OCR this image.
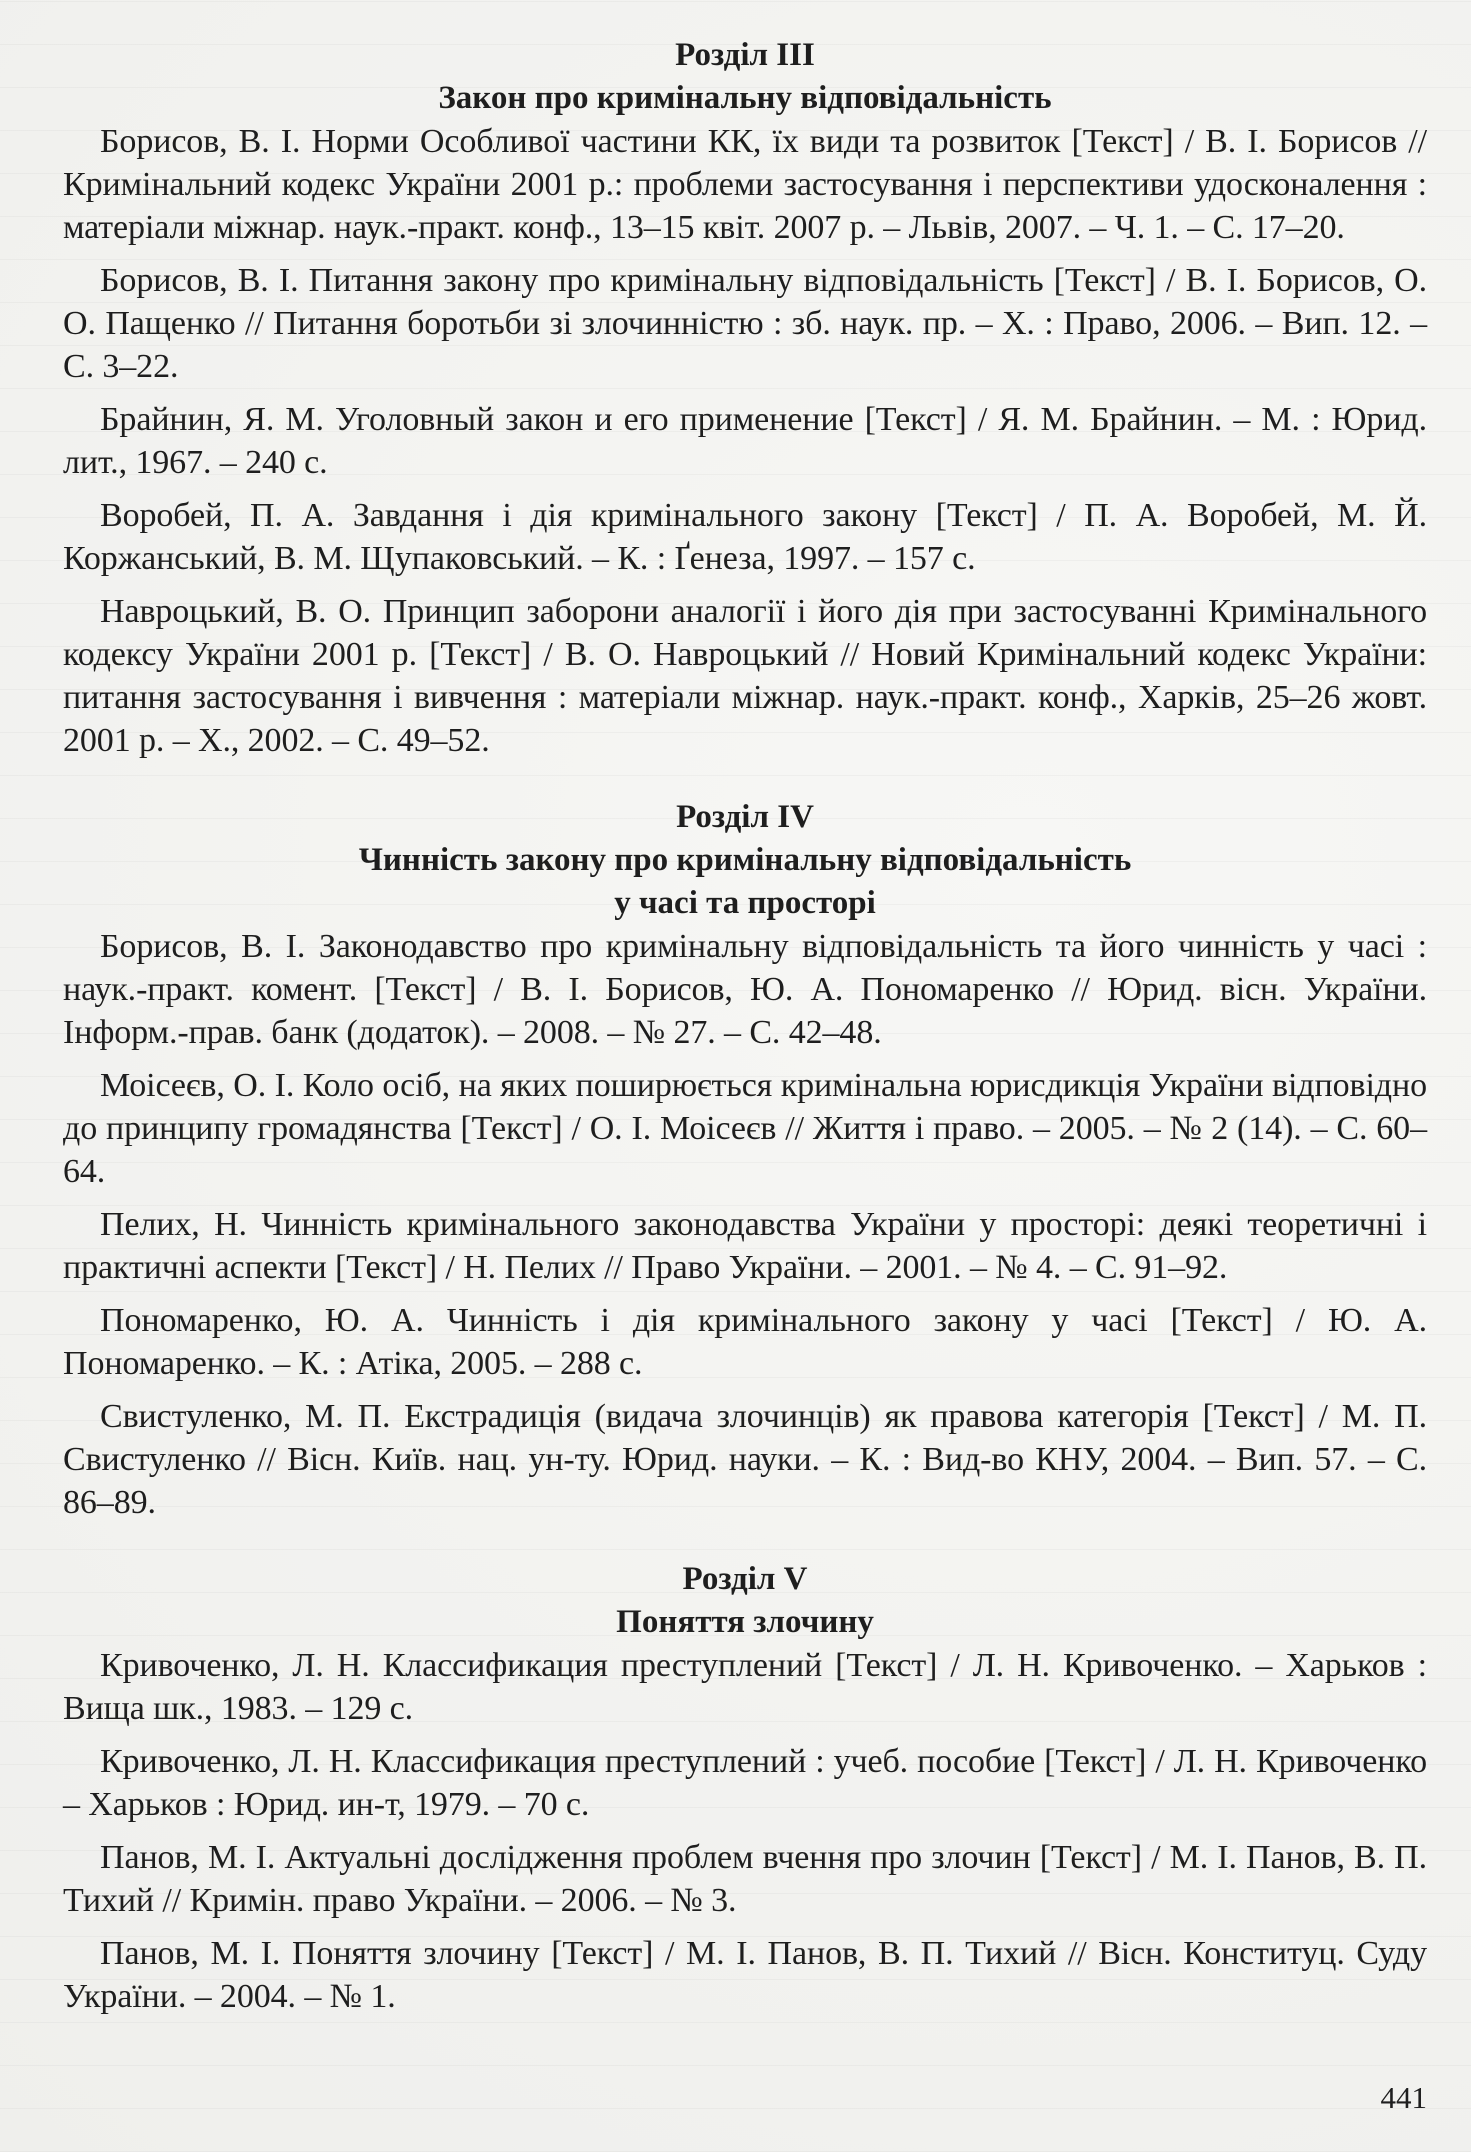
Розділ III
Закон про кримінальну відповідальність

Борисов, В. І. Норми Особливої частини КК, їх види та розвиток [Текст] / В. І. Борисов // Кримінальний кодекс України 2001 р.: проблеми застосування і перспективи удосконалення : матеріали міжнар. наук.-практ. конф., 13–15 квіт. 2007 р. – Львів, 2007. – Ч. 1. – С. 17–20.

Борисов, В. І. Питання закону про кримінальну відповідальність [Текст] / В. І. Борисов, О. О. Пащенко // Питання боротьби зі злочинністю : зб. наук. пр. – Х. : Право, 2006. – Вип. 12. – С. 3–22.

Брайнин, Я. М. Уголовный закон и его применение [Текст] / Я. М. Брайнин. – М. : Юрид. лит., 1967. – 240 с.

Воробей, П. А. Завдання і дія кримінального закону [Текст] / П. А. Воробей, М. Й. Коржанський, В. М. Щупаковський. – К. : Ґенеза, 1997. – 157 с.

Навроцький, В. О. Принцип заборони аналогії і його дія при застосуванні Кримінального кодексу України 2001 р. [Текст] / В. О. Навроцький // Новий Кримінальний кодекс України: питання застосування і вивчення : матеріали міжнар. наук.-практ. конф., Харків, 25–26 жовт. 2001 р. – Х., 2002. – С. 49–52.

Розділ IV
Чинність закону про кримінальну відповідальність
у часі та просторі

Борисов, В. І. Законодавство про кримінальну відповідальність та його чинність у часі : наук.-практ. комент. [Текст] / В. І. Борисов, Ю. А. Пономаренко // Юрид. вісн. України. Інформ.-прав. банк (додаток). – 2008. – № 27. – С. 42–48.

Моісеєв, О. І. Коло осіб, на яких поширюється кримінальна юрисдикція України відповідно до принципу громадянства [Текст] / О. І. Моісеєв // Життя і право. – 2005. – № 2 (14). – С. 60–64.

Пелих, Н. Чинність кримінального законодавства України у просторі: деякі теоретичні і практичні аспекти [Текст] / Н. Пелих // Право України. – 2001. – № 4. – С. 91–92.

Пономаренко, Ю. А. Чинність і дія кримінального закону у часі [Текст] / Ю. А. Пономаренко. – К. : Атіка, 2005. – 288 с.

Свистуленко, М. П. Екстрадиція (видача злочинців) як правова категорія [Текст] / М. П. Свистуленко // Вісн. Київ. нац. ун-ту. Юрид. науки. – К. : Вид-во КНУ, 2004. – Вип. 57. – С. 86–89.

Розділ V
Поняття злочину

Кривоченко, Л. Н. Классификация преступлений [Текст] / Л. Н. Кривоченко. – Харьков : Вища шк., 1983. – 129 с.

Кривоченко, Л. Н. Классификация преступлений : учеб. пособие [Текст] / Л. Н. Кривоченко – Харьков : Юрид. ин-т, 1979. – 70 с.

Панов, М. І. Актуальні дослідження проблем вчення про злочин [Текст] / М. І. Панов, В. П. Тихий // Кримін. право України. – 2006. – № 3.

Панов, М. І. Поняття злочину [Текст] / М. І. Панов, В. П. Тихий // Вісн. Конституц. Суду України. – 2004. – № 1.

441
